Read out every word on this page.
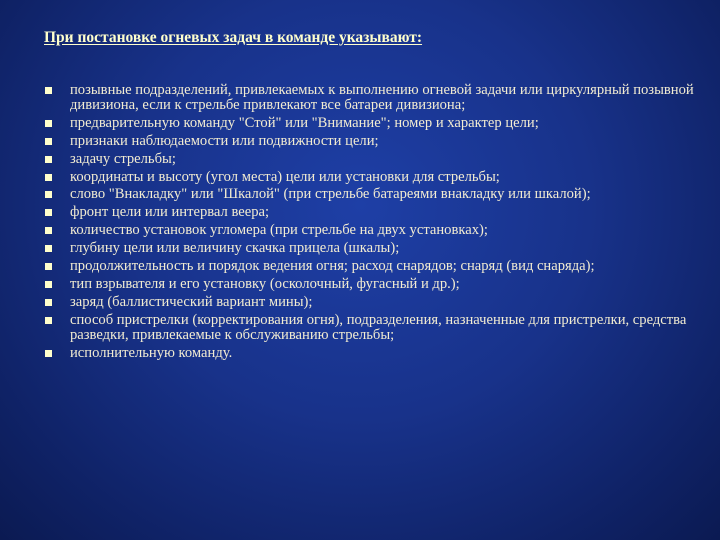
При постановке огневых задач в команде указывают:
позывные подразделений, привлекаемых к выполнению огневой задачи или циркулярный позывной дивизиона, если к стрельбе привлекают все батареи дивизиона;
предварительную команду "Стой" или "Внимание"; номер и характер цели;
признаки наблюдаемости или подвижности цели;
задачу стрельбы;
координаты и высоту (угол места) цели или установки для стрельбы;
слово "Внакладку" или "Шкалой" (при стрельбе батареями внакладку или шкалой);
фронт цели или интервал веера;
количество установок угломера (при стрельбе на двух установках);
глубину цели или величину скачка прицела (шкалы);
продолжительность и порядок ведения огня; расход снарядов; снаряд (вид снаряда);
тип взрывателя и его установку (осколочный, фугасный и др.);
заряд (баллистический вариант мины);
способ пристрелки (корректирования огня), подразделения, назначенные для пристрелки, средства разведки, привлекаемые к обслуживанию стрельбы;
исполнительную команду.
